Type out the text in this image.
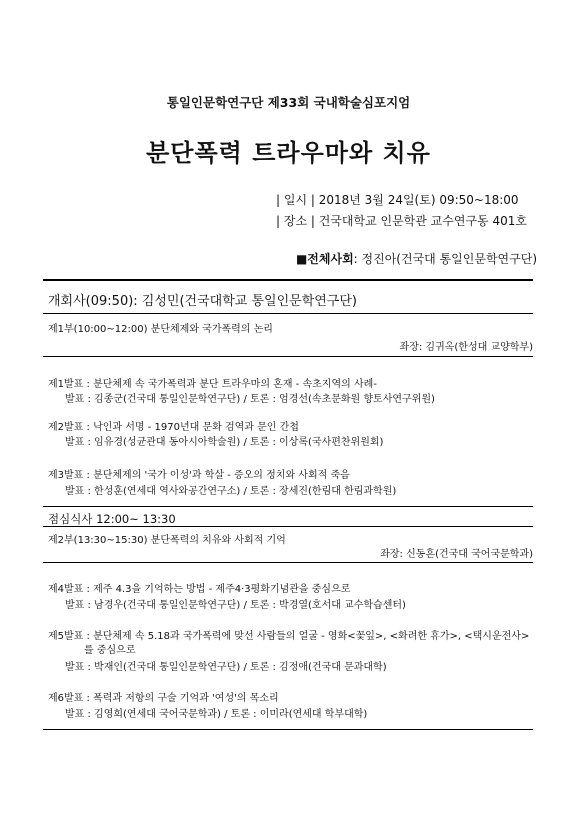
통일인문학연구단 제33회 국내학술심포지엄
분단폭력 트라우마와 치유
| 일시 | 2018년 3월 24일(토) 09:50~18:00
| 장소 | 건국대학교 인문학관 교수연구동 401호
■전체사회: 정진아(건국대 통일인문학연구단)
개회사(09:50): 김성민(건국대학교 통일인문학연구단)
제1부(10:00~12:00) 분단체제와 국가폭력의 논리
좌장: 김귀옥(한성대 교양학부)
제1발표 : 분단체제 속 국가폭력과 분단 트라우마의 혼재 - 속초지역의 사례-
발표 : 김종군(건국대 통일인문학연구단) / 토론 : 엄경선(속초문화원 향토사연구위원)
제2발표 : 낙인과 서명 - 1970년대 문화 검역과 문인 간첩
발표 : 임유경(성균관대 동아시아학술원) / 토론 : 이상록(국사편찬위원회)
제3발표 : 분단체제의 '국가 이성'과 학살 - 증오의 정치와 사회적 죽음
발표 : 한성훈(연세대 역사와공간연구소) / 토론 : 장세진(한림대 한림과학원)
점심식사 12:00~ 13:30
제2부(13:30~15:30) 분단폭력의 치유와 사회적 기억
좌장: 신동흔(건국대 국어국문학과)
제4발표 : 제주 4.3을 기억하는 방법 - 제주4·3평화기념관을 중심으로
발표 : 남경우(건국대 통일인문학연구단) / 토론 : 박경열(호서대 교수학습센터)
제5발표 : 분단체제 속 5.18과 국가폭력에 맞선 사람들의 얼굴 - 영화<꽃잎>, <화려한 휴가>, <택시운전사>
를 중심으로
발표 : 박재인(건국대 통일인문학연구단) / 토론 : 김정애(건국대 문과대학)
제6발표 : 폭력과 저항의 구술 기억과 '여성'의 목소리
발표 : 김영희(연세대 국어국문학과) / 토론 : 이미라(연세대 학부대학)
